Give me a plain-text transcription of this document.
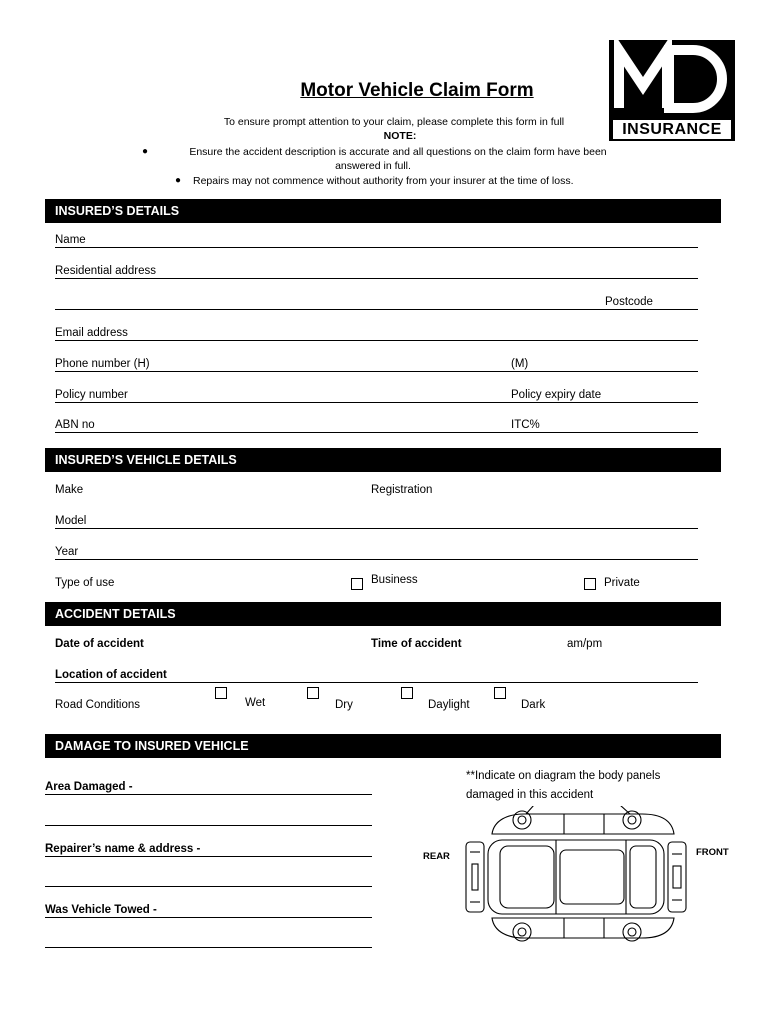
Motor Vehicle Claim Form
To ensure prompt attention to your claim, please complete this form in full
NOTE:
●	Ensure the accident description is accurate and all questions on the claim form have been
answered in full.
● Repairs may not commence without authority from your insurer at the time of loss.
INSURANCE
INSURED’S DETAILS
Name
Residential address
Postcode
Email address
Phone number (H)	(M)
Policy number	Policy expiry date
ABN no	ITC%
INSURED’S VEHICLE DETAILS
Make	Registration
Model
Year
Type of use	Business	Private
ACCIDENT DETAILS
Date of accident	Time of accident	am/pm
Location of accident
Road Conditions	Wet	Dry	Daylight	Dark
DAMAGE TO INSURED VEHICLE
Area Damaged -
Repairer’s name & address -
Was Vehicle Towed -
**Indicate on diagram the body panels
damaged in this accident
REAR	FRONT
